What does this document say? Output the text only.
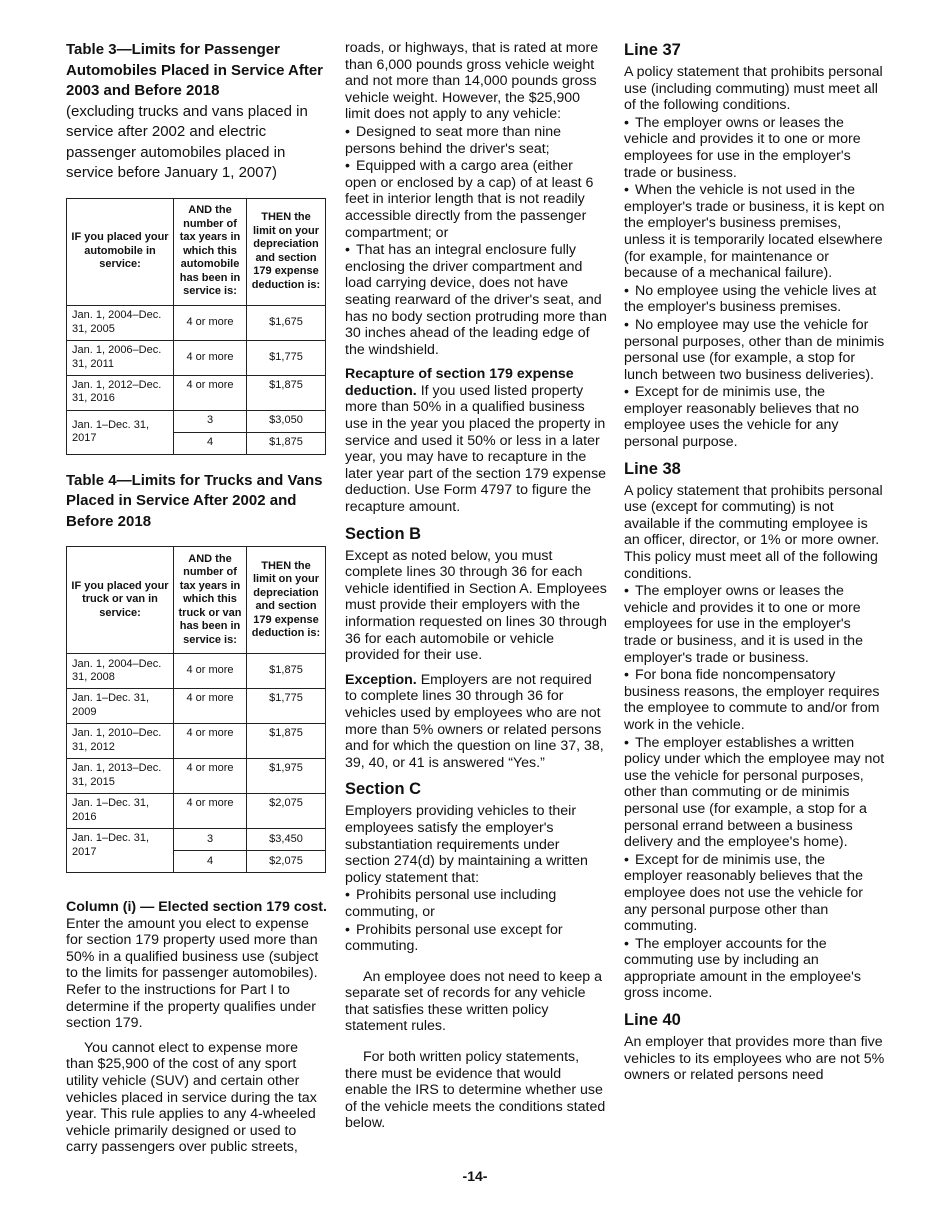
Table 3—Limits for Passenger Automobiles Placed in Service After 2003 and Before 2018

(excluding trucks and vans placed in service after 2002 and electric passenger automobiles placed in service before January 1, 2007)

IF you placed your automobile in service:	AND the number of tax years in which this automobile has been in service is:	THEN the limit on your depreciation and section 179 expense deduction is:
Jan. 1, 2004–Dec. 31, 2005	4 or more	$1,675
Jan. 1, 2006–Dec. 31, 2011	4 or more	$1,775
Jan. 1, 2012–Dec. 31, 2016	4 or more	$1,875
Jan. 1–Dec. 31, 2017	3	$3,050
	4	$1,875

Table 4—Limits for Trucks and Vans Placed in Service After 2002 and Before 2018

IF you placed your truck or van in service:	AND the number of tax years in which this truck or van has been in service is:	THEN the limit on your depreciation and section 179 expense deduction is:
Jan. 1, 2004–Dec. 31, 2008	4 or more	$1,875
Jan. 1–Dec. 31, 2009	4 or more	$1,775
Jan. 1, 2010–Dec. 31, 2012	4 or more	$1,875
Jan. 1, 2013–Dec. 31, 2015	4 or more	$1,975
Jan. 1–Dec. 31, 2016	4 or more	$2,075
Jan. 1–Dec. 31, 2017	3	$3,450
	4	$2,075

Column (i) — Elected section 179 cost. Enter the amount you elect to expense for section 179 property used more than 50% in a qualified business use (subject to the limits for passenger automobiles). Refer to the instructions for Part I to determine if the property qualifies under section 179.

You cannot elect to expense more than $25,900 of the cost of any sport utility vehicle (SUV) and certain other vehicles placed in service during the tax year. This rule applies to any 4-wheeled vehicle primarily designed or used to carry passengers over public streets,

roads, or highways, that is rated at more than 6,000 pounds gross vehicle weight and not more than 14,000 pounds gross vehicle weight. However, the $25,900 limit does not apply to any vehicle:

• Designed to seat more than nine persons behind the driver's seat;
• Equipped with a cargo area (either open or enclosed by a cap) of at least 6 feet in interior length that is not readily accessible directly from the passenger compartment; or
• That has an integral enclosure fully enclosing the driver compartment and load carrying device, does not have seating rearward of the driver's seat, and has no body section protruding more than 30 inches ahead of the leading edge of the windshield.

Recapture of section 179 expense deduction. If you used listed property more than 50% in a qualified business use in the year you placed the property in service and used it 50% or less in a later year, you may have to recapture in the later year part of the section 179 expense deduction. Use Form 4797 to figure the recapture amount.

Section B

Except as noted below, you must complete lines 30 through 36 for each vehicle identified in Section A. Employees must provide their employers with the information requested on lines 30 through 36 for each automobile or vehicle provided for their use.

Exception. Employers are not required to complete lines 30 through 36 for vehicles used by employees who are not more than 5% owners or related persons and for which the question on line 37, 38, 39, 40, or 41 is answered “Yes.”

Section C

Employers providing vehicles to their employees satisfy the employer's substantiation requirements under section 274(d) by maintaining a written policy statement that:

• Prohibits personal use including commuting, or
• Prohibits personal use except for commuting.

An employee does not need to keep a separate set of records for any vehicle that satisfies these written policy statement rules.

For both written policy statements, there must be evidence that would enable the IRS to determine whether use of the vehicle meets the conditions stated below.

Line 37

A policy statement that prohibits personal use (including commuting) must meet all of the following conditions.

• The employer owns or leases the vehicle and provides it to one or more employees for use in the employer's trade or business.
• When the vehicle is not used in the employer's trade or business, it is kept on the employer's business premises, unless it is temporarily located elsewhere (for example, for maintenance or because of a mechanical failure).
• No employee using the vehicle lives at the employer's business premises.
• No employee may use the vehicle for personal purposes, other than de minimis personal use (for example, a stop for lunch between two business deliveries).
• Except for de minimis use, the employer reasonably believes that no employee uses the vehicle for any personal purpose.
Line 38

A policy statement that prohibits personal use (except for commuting) is not available if the commuting employee is an officer, director, or 1% or more owner. This policy must meet all of the following conditions.

• The employer owns or leases the vehicle and provides it to one or more employees for use in the employer's trade or business, and it is used in the employer's trade or business.
• For bona fide noncompensatory business reasons, the employer requires the employee to commute to and/or from work in the vehicle.
• The employer establishes a written policy under which the employee may not use the vehicle for personal purposes, other than commuting or de minimis personal use (for example, a stop for a personal errand between a business delivery and the employee's home).
• Except for de minimis use, the employer reasonably believes that the employee does not use the vehicle for any personal purpose other than commuting.
• The employer accounts for the commuting use by including an appropriate amount in the employee's gross income.
Line 40

An employer that provides more than five vehicles to its employees who are not 5% owners or related persons need

-14-
